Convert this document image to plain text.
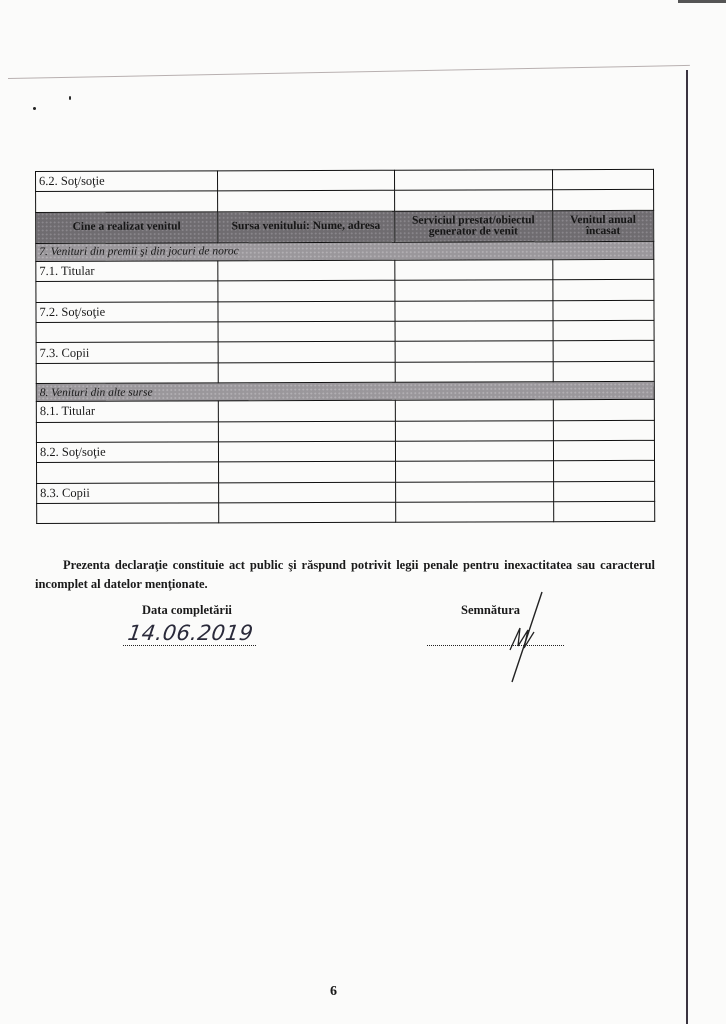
6.2. Soţ/soţie			

Cine a realizat venitul	Sursa venitului: Nume, adresa	Serviciul prestat/obiectul generator de venit	Venitul anual încasat
7. Venituri din premii şi din jocuri de noroc			
7.1. Titular			

7.2. Soţ/soţie			

7.3. Copii			

8. Venituri din alte surse			
8.1. Titular			

8.2. Soţ/soţie			

8.3. Copii			

Prezenta declaraţie constituie act public şi răspund potrivit legii penale pentru inexactitatea sau caracterul incomplet al datelor menţionate.
Data completării
14.06.2019
Semnătura
6
